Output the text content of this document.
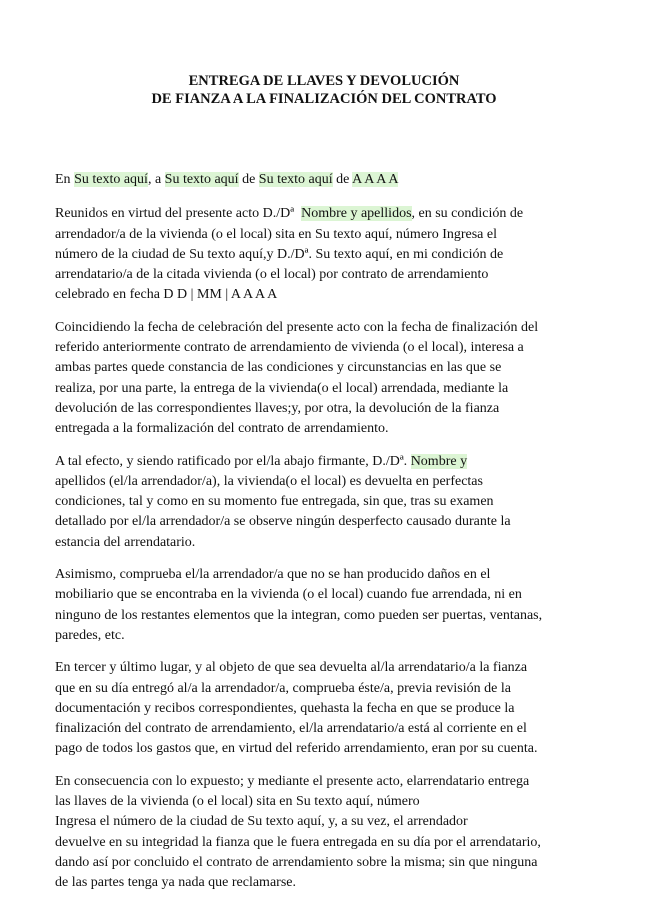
ENTREGA DE LLAVES Y DEVOLUCIÓN
DE FIANZA A LA FINALIZACIÓN DEL CONTRATO

En Su texto aquí, a Su texto aquí de Su texto aquí de A A A A

Reunidos en virtud del presente acto D./Dª Nombre y apellidos, en su condición de
arrendador/a de la vivienda (o el local) sita en Su texto aquí, número Ingresa el
número de la ciudad de Su texto aquí,y D./Dª. Su texto aquí, en mi condición de
arrendatario/a de la citada vivienda (o el local) por contrato de arrendamiento
celebrado en fecha D D | MM | A A A A

Coincidiendo la fecha de celebración del presente acto con la fecha de finalización del
referido anteriormente contrato de arrendamiento de vivienda (o el local), interesa a
ambas partes quede constancia de las condiciones y circunstancias en las que se
realiza, por una parte, la entrega de la vivienda(o el local) arrendada, mediante la
devolución de las correspondientes llaves;y, por otra, la devolución de la fianza
entregada a la formalización del contrato de arrendamiento.

A tal efecto, y siendo ratificado por el/la abajo firmante, D./Dª. Nombre y
apellidos (el/la arrendador/a), la vivienda(o el local) es devuelta en perfectas
condiciones, tal y como en su momento fue entregada, sin que, tras su examen
detallado por el/la arrendador/a se observe ningún desperfecto causado durante la
estancia del arrendatario.

Asimismo, comprueba el/la arrendador/a que no se han producido daños en el
mobiliario que se encontraba en la vivienda (o el local) cuando fue arrendada, ni en
ninguno de los restantes elementos que la integran, como pueden ser puertas, ventanas,
paredes, etc.

En tercer y último lugar, y al objeto de que sea devuelta al/la arrendatario/a la fianza
que en su día entregó al/a la arrendador/a, comprueba éste/a, previa revisión de la
documentación y recibos correspondientes, quehasta la fecha en que se produce la
finalización del contrato de arrendamiento, el/la arrendatario/a está al corriente en el
pago de todos los gastos que, en virtud del referido arrendamiento, eran por su cuenta.

En consecuencia con lo expuesto; y mediante el presente acto, elarrendatario entrega
las llaves de la vivienda (o el local) sita en Su texto aquí, número
Ingresa el número de la ciudad de Su texto aquí, y, a su vez, el arrendador
devuelve en su integridad la fianza que le fuera entregada en su día por el arrendatario,
dando así por concluido el contrato de arrendamiento sobre la misma; sin que ninguna
de las partes tenga ya nada que reclamarse.
